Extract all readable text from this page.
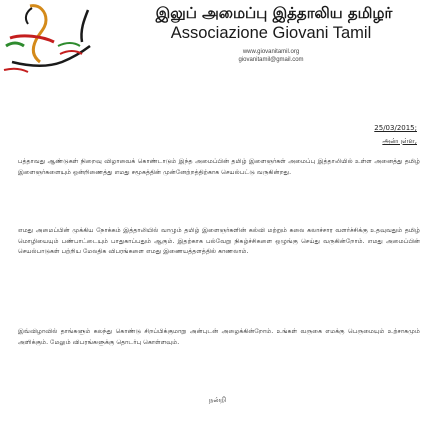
இலுப் அமைப்பு இத்தாலிய தமிழர்
Associazione Giovani Tamil
www.giovanitamil.org
giovanitamil@gmail.com
25/03/2015;
அன்புள்ள,
பத்தாவது ஆண்டுகள் நிறைவு விழாவைக் கொண்டாடும் இந்த அமைப்பின் தமிழ் இளைஞர்கள் அமைப்பு இத்தாலியில் உள்ள அனைத்து தமிழ் இளைஞர்களையும் ஒன்றிணைத்து எமது சமூகத்தின் முன்னேற்றத்திற்காக செயல்பட்டு வருகின்றது.
எமது அமைப்பின் முக்கிய நோக்கம் இத்தாலியில் வாழும் தமிழ் இளைஞர்களின் கல்வி மற்றும் கலை கலாச்சார வளர்ச்சிக்கு உதவுவதும் தமிழ் மொழியையும் பண்பாட்டையும் பாதுகாப்பதும் ஆகும். இதற்காக பல்வேறு நிகழ்ச்சிகளை ஒழுங்கு செய்து வருகின்றோம். எமது அமைப்பின் செயல்பாடுகள் பற்றிய மேலதிக விபரங்களை எமது இணையத்தளத்தில் காணலாம்.
இவ்விழாவில் தாங்களும் கலந்து கொண்டு சிறப்பிக்குமாறு அன்புடன் அழைக்கின்றோம். உங்கள் வருகை எமக்கு பெருமையும் உற்சாகமும் அளிக்கும். மேலும் விபரங்களுக்கு தொடர்பு கொள்ளவும்.
நன்றி
